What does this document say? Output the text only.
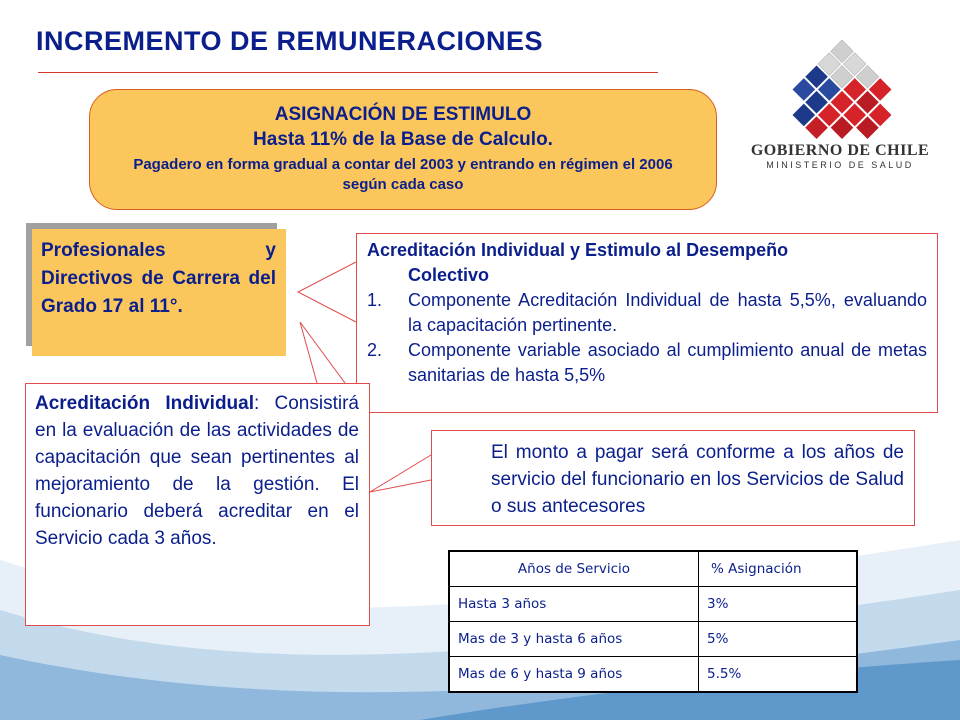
INCREMENTO DE REMUNERACIONES
GOBIERNO DE CHILE
MINISTERIO DE SALUD
ASIGNACIÓN DE ESTIMULO
Hasta 11% de la Base de Calculo.
Pagadero en forma gradual a contar del 2003 y entrando en régimen el 2006 según cada caso
Profesionales y Directivos de Carrera del Grado 17 al 11°.
Acreditación Individual y Estimulo al Desempeño
Colectivo
1.	Componente Acreditación Individual de hasta 5,5%, evaluando la capacitación pertinente.
2.	Componente variable asociado al cumplimiento anual de metas sanitarias de hasta 5,5%
Acreditación Individual: Consistirá en la evaluación de las actividades de capacitación que sean pertinentes al mejoramiento de la gestión. El funcionario deberá acreditar en el Servicio cada 3 años.
El monto a pagar será conforme a los años de servicio del funcionario en los Servicios de Salud o sus antecesores
Años de Servicio	% Asignación
Hasta 3 años	3%
Mas de 3 y hasta 6 años	5%
Mas de 6 y hasta 9 años	5.5%
